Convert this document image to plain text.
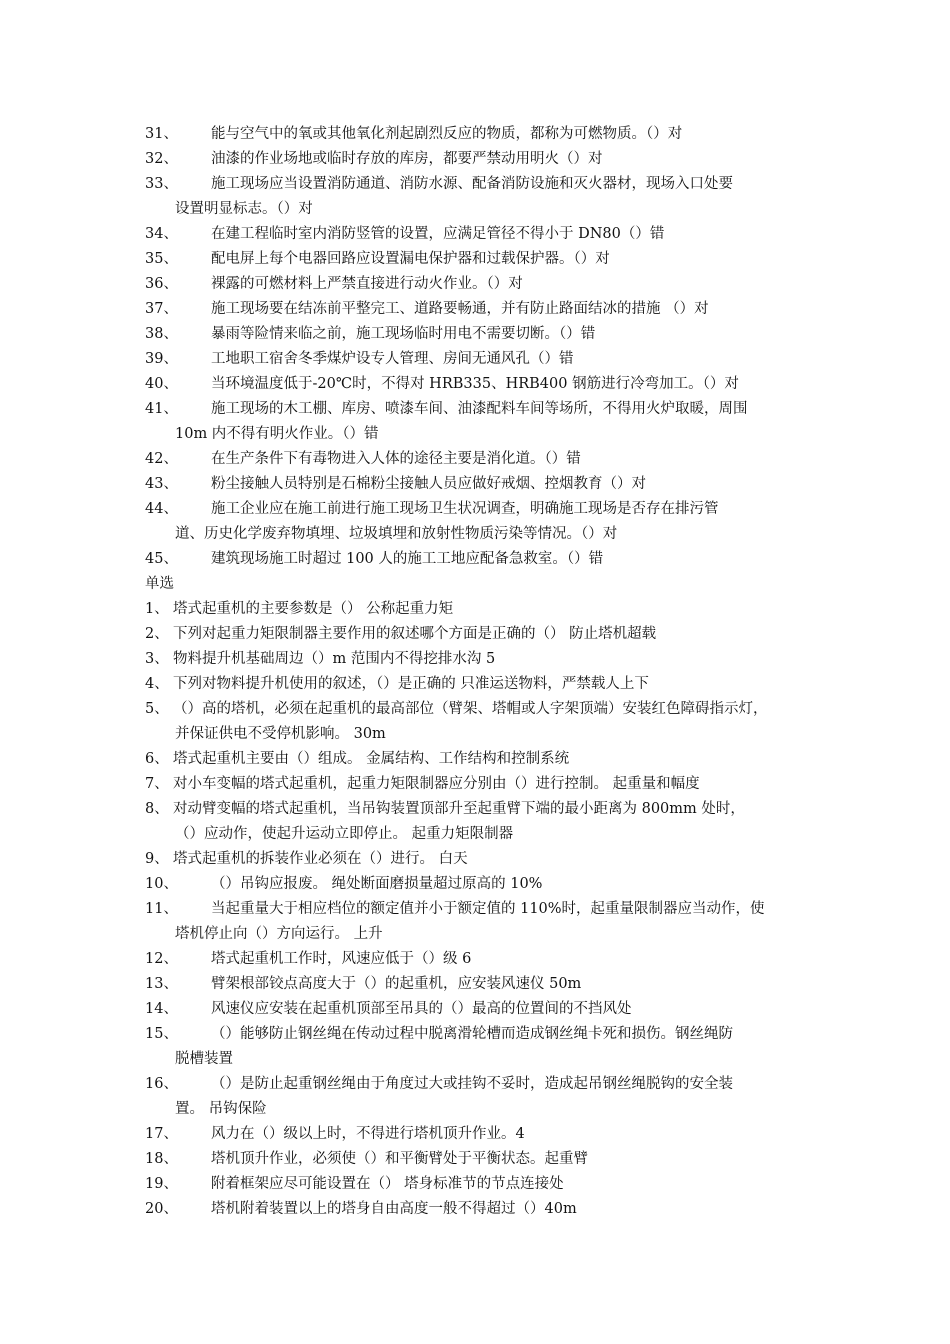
31、 能与空气中的氧或其他氧化剂起剧烈反应的物质，都称为可燃物质。（）对

32、 油漆的作业场地或临时存放的库房，都要严禁动用明火（）对

33、 施工现场应当设置消防通道、消防水源、配备消防设施和灭火器材，现场入口处要
设置明显标志。（）对

34、 在建工程临时室内消防竖管的设置，应满足管径不得小于 DN80（）错

35、 配电屏上每个电器回路应设置漏电保护器和过载保护器。（）对

36、 裸露的可燃材料上严禁直接进行动火作业。（）对

37、 施工现场要在结冻前平整完工、道路要畅通，并有防止路面结冰的措施 （）对

38、 暴雨等险情来临之前，施工现场临时用电不需要切断。（）错

39、 工地职工宿舍冬季煤炉设专人管理、房间无通风孔（）错

40、 当环境温度低于-20℃时，不得对 HRB335、HRB400 钢筋进行冷弯加工。（）对

41、 施工现场的木工棚、库房、喷漆车间、油漆配料车间等场所，不得用火炉取暖，周围
10m 内不得有明火作业。（）错

42、 在生产条件下有毒物进入人体的途径主要是消化道。（）错

43、 粉尘接触人员特别是石棉粉尘接触人员应做好戒烟、控烟教育（）对

44、 施工企业应在施工前进行施工现场卫生状况调查，明确施工现场是否存在排污管
道、历史化学废弃物填埋、垃圾填埋和放射性物质污染等情况。（）对

45、 建筑现场施工时超过 100 人的施工工地应配备急救室。（）错

单选

1、 塔式起重机的主要参数是（） 公称起重力矩

2、 下列对起重力矩限制器主要作用的叙述哪个方面是正确的（） 防止塔机超载

3、 物料提升机基础周边（）m 范围内不得挖排水沟 5

4、 下列对物料提升机使用的叙述，（）是正确的 只准运送物料，严禁载人上下

5、 （）高的塔机，必须在起重机的最高部位（臂架、塔帽或人字架顶端）安装红色障碍指示灯，
并保证供电不受停机影响。 30m

6、 塔式起重机主要由（）组成。 金属结构、工作结构和控制系统

7、 对小车变幅的塔式起重机，起重力矩限制器应分别由（）进行控制。 起重量和幅度

8、 对动臂变幅的塔式起重机，当吊钩装置顶部升至起重臂下端的最小距离为 800mm 处时，
（）应动作，使起升运动立即停止。 起重力矩限制器

9、 塔式起重机的拆装作业必须在（）进行。 白天

10、 （）吊钩应报废。 绳处断面磨损量超过原高的 10%

11、 当起重量大于相应档位的额定值并小于额定值的 110%时，起重量限制器应当动作，使
塔机停止向（）方向运行。 上升

12、 塔式起重机工作时，风速应低于（）级 6

13、 臂架根部铰点高度大于（）的起重机，应安装风速仪 50m

14、 风速仪应安装在起重机顶部至吊具的（）最高的位置间的不挡风处

15、 （）能够防止钢丝绳在传动过程中脱离滑轮槽而造成钢丝绳卡死和损伤。钢丝绳防
脱槽装置

16、 （）是防止起重钢丝绳由于角度过大或挂钩不妥时，造成起吊钢丝绳脱钩的安全装
置。 吊钩保险

17、 风力在（）级以上时，不得进行塔机顶升作业。4

18、 塔机顶升作业，必须使（）和平衡臂处于平衡状态。起重臂

19、 附着框架应尽可能设置在（） 塔身标准节的节点连接处

20、 塔机附着装置以上的塔身自由高度一般不得超过（）40m
